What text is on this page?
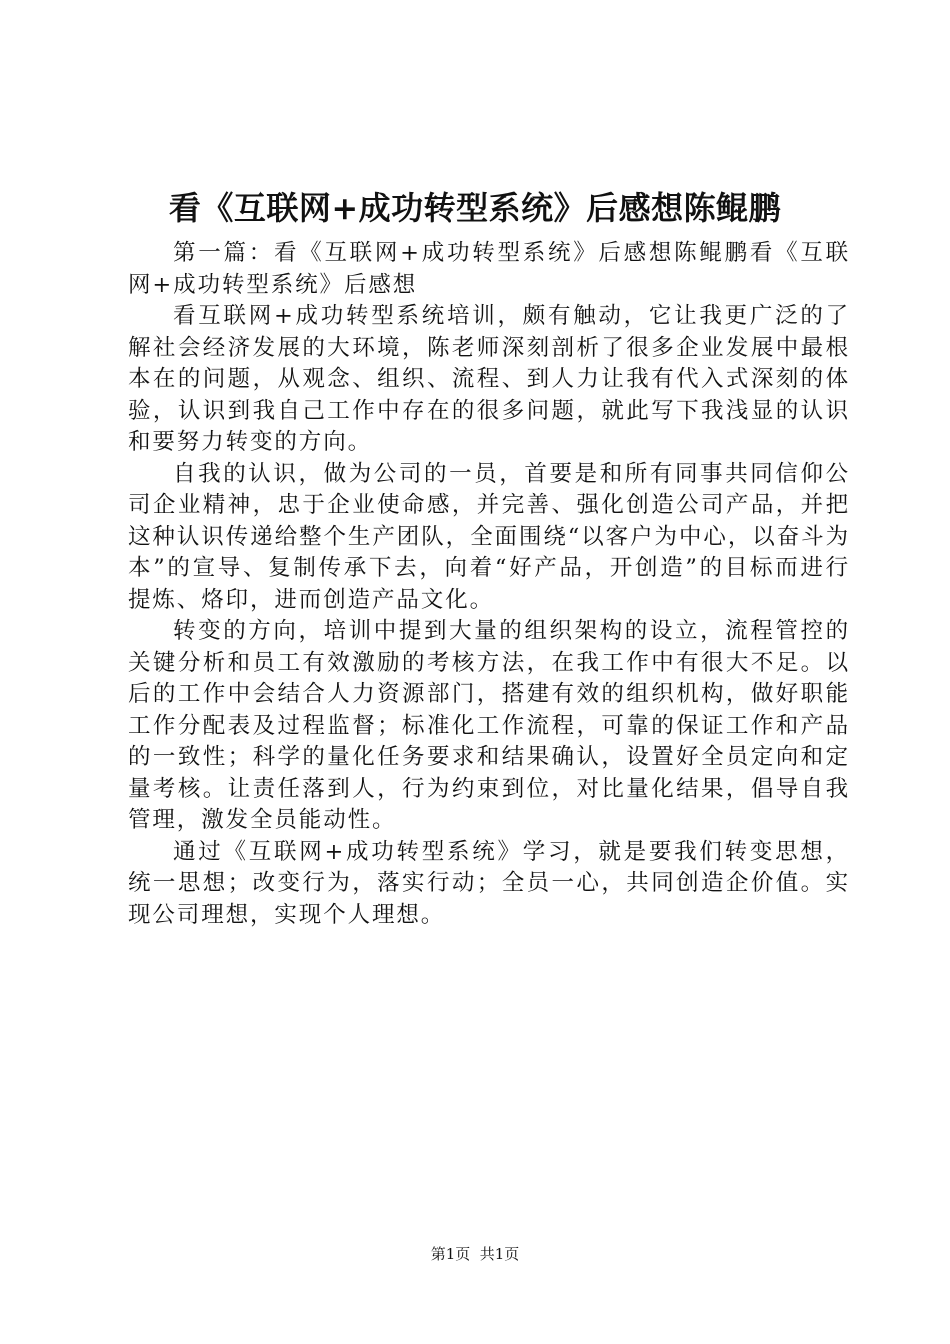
看《互联网+成功转型系统》后感想陈鲲鹏

第一篇：看《互联网+成功转型系统》后感想陈鲲鹏看《互联网+成功转型系统》后感想

看互联网+成功转型系统培训，颇有触动，它让我更广泛的了解社会经济发展的大环境，陈老师深刻剖析了很多企业发展中最根本在的问题，从观念、组织、流程、到人力让我有代入式深刻的体验，认识到我自己工作中存在的很多问题，就此写下我浅显的认识和要努力转变的方向。

自我的认识，做为公司的一员，首要是和所有同事共同信仰公司企业精神，忠于企业使命感，并完善、强化创造公司产品，并把这种认识传递给整个生产团队，全面围绕“以客户为中心，以奋斗为本”的宣导、复制传承下去，向着“好产品，开创造”的目标而进行提炼、烙印，进而创造产品文化。

转变的方向，培训中提到大量的组织架构的设立，流程管控的关键分析和员工有效激励的考核方法，在我工作中有很大不足。以后的工作中会结合人力资源部门，搭建有效的组织机构，做好职能工作分配表及过程监督；标准化工作流程，可靠的保证工作和产品的一致性；科学的量化任务要求和结果确认，设置好全员定向和定量考核。让责任落到人，行为约束到位，对比量化结果，倡导自我管理，激发全员能动性。

通过《互联网+成功转型系统》学习，就是要我们转变思想，统一思想；改变行为，落实行动；全员一心，共同创造企价值。实现公司理想，实现个人理想。

第1页  共1页
